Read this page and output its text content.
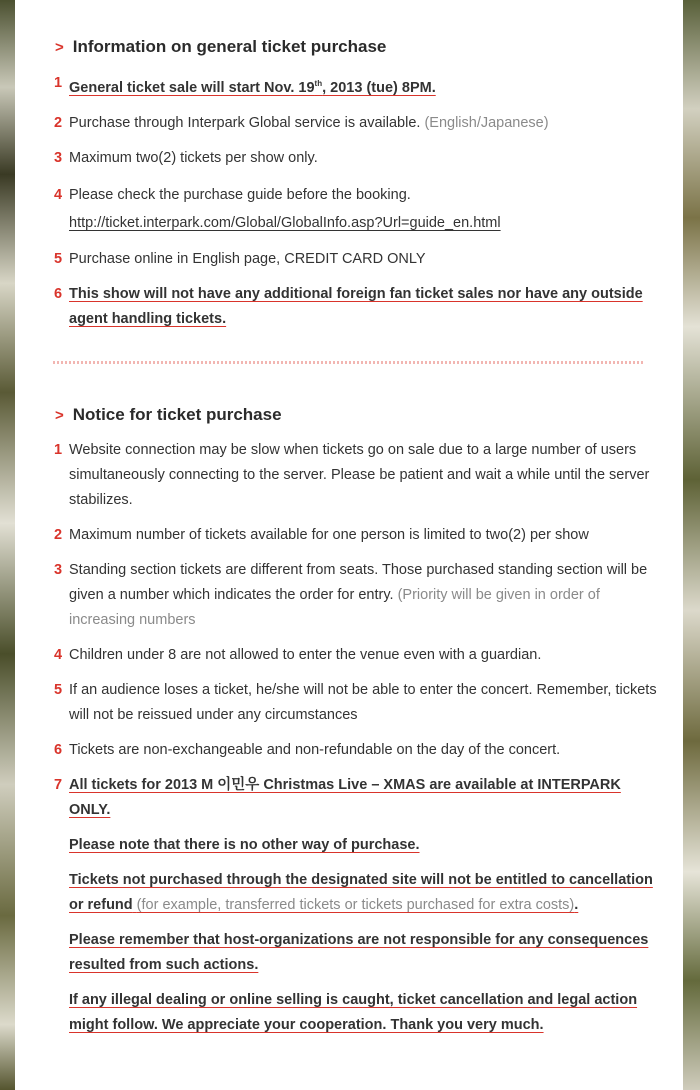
> Information on general ticket purchase
1 General ticket sale will start Nov. 19th, 2013 (tue) 8PM.
2 Purchase through Interpark Global service is available. (English/Japanese)
3 Maximum two(2) tickets per show only.
4 Please check the purchase guide before the booking.
http://ticket.interpark.com/Global/GlobalInfo.asp?Url=guide_en.html
5 Purchase online in English page, CREDIT CARD ONLY
6 This show will not have any additional foreign fan ticket sales nor have any outside agent handling tickets.
> Notice for ticket purchase
1 Website connection may be slow when tickets go on sale due to a large number of users simultaneously connecting to the server. Please be patient and wait a while until the server stabilizes.
2 Maximum number of tickets available for one person is limited to two(2) per show
3 Standing section tickets are different from seats. Those purchased standing section will be given a number which indicates the order for entry. (Priority will be given in order of increasing numbers
4 Children under 8 are not allowed to enter the venue even with a guardian.
5 If an audience loses a ticket, he/she will not be able to enter the concert. Remember, tickets will not be reissued under any circumstances
6 Tickets are non-exchangeable and non-refundable on the day of the concert.
7 All tickets for 2013 M 이민우 Christmas Live – XMAS are available at INTERPARK ONLY.
Please note that there is no other way of purchase.
Tickets not purchased through the designated site will not be entitled to cancellation or refund (for example, transferred tickets or tickets purchased for extra costs).
Please remember that host-organizations are not responsible for any consequences resulted from such actions.
If any illegal dealing or online selling is caught, ticket cancellation and legal action might follow. We appreciate your cooperation. Thank you very much.
